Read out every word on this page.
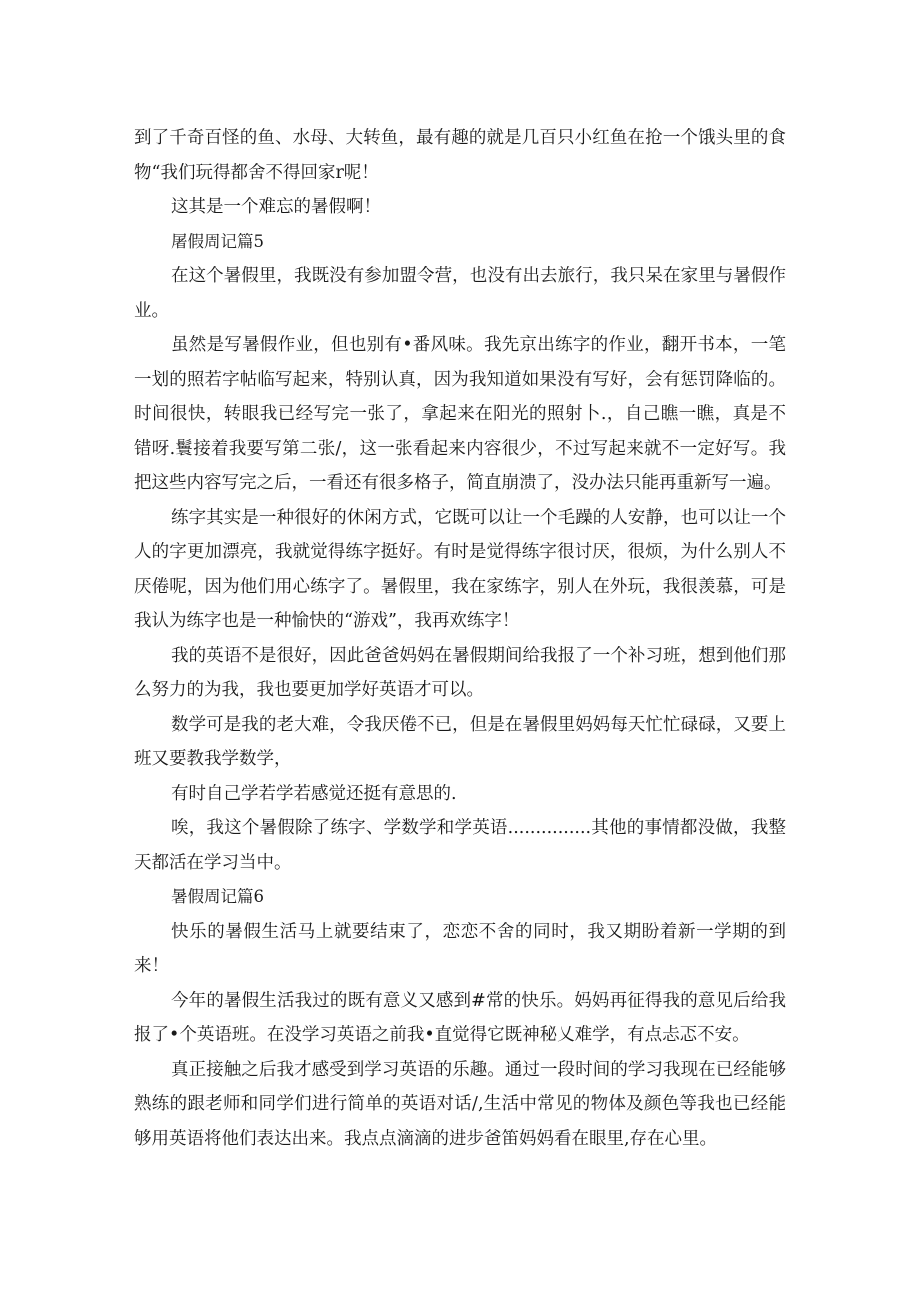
到了千奇百怪的鱼、水母、大转鱼，最有趣的就是几百只小红鱼在抢一个饿头里的食物“我们玩得都舍不得回家r呢！

这其是一个难忘的暑假啊！

屠假周记篇5

在这个暑假里，我既没有参加盟令营，也没有出去旅行，我只呆在家里与暑假作业。

虽然是写暑假作业，但也别有•番风味。我先京出练字的作业，翻开书本，一笔一划的照若字帖临写起来，特别认真，因为我知道如果没有写好，会有惩罚降临的。时间很快，转眼我已经写完一张了，拿起来在阳光的照射卜.，自己瞧一瞧，真是不错呀.鬟接着我要写第二张/，这一张看起来内容很少，不过写起来就不一定好写。我把这些内容写完之后，一看还有很多格子，简直崩溃了，没办法只能再重新写一遍。

练字其实是一种很好的休闲方式，它既可以让一个毛躁的人安静，也可以让一个人的字更加漂亮，我就觉得练字挺好。有时是觉得练字很讨厌，很烦，为什么别人不厌倦呢，因为他们用心练字了。暑假里，我在家练字，别人在外玩，我很羡慕，可是我认为练字也是一种愉快的“游戏”，我再欢练字！

我的英语不是很好，因此爸爸妈妈在暑假期间给我报了一个补习班，想到他们那么努力的为我，我也要更加学好英语才可以。

数学可是我的老大难，令我厌倦不已，但是在暑假里妈妈每天忙忙碌碌，又要上班又要教我学数学，

有时自己学若学若感觉还挺有意思的.

唉，我这个暑假除了练字、学数学和学英语...............其他的事情都没做，我整天都活在学习当中。

暑假周记篇6

快乐的暑假生活马上就要结束了，恋恋不舍的同时，我又期盼着新一学期的到来！

今年的暑假生活我过的既有意义又感到#常的快乐。妈妈再征得我的意见后给我报了•个英语班。在没学习英语之前我•直觉得它既神秘乂难学，有点忐忑不安。

真正接触之后我才感受到学习英语的乐趣。通过一段时间的学习我现在已经能够熟练的跟老师和同学们进行简单的英语对话/,生活中常见的物体及颜色等我也已经能够用英语将他们表达出来。我点点滴滴的进步爸笛妈妈看在眼里,存在心里。
